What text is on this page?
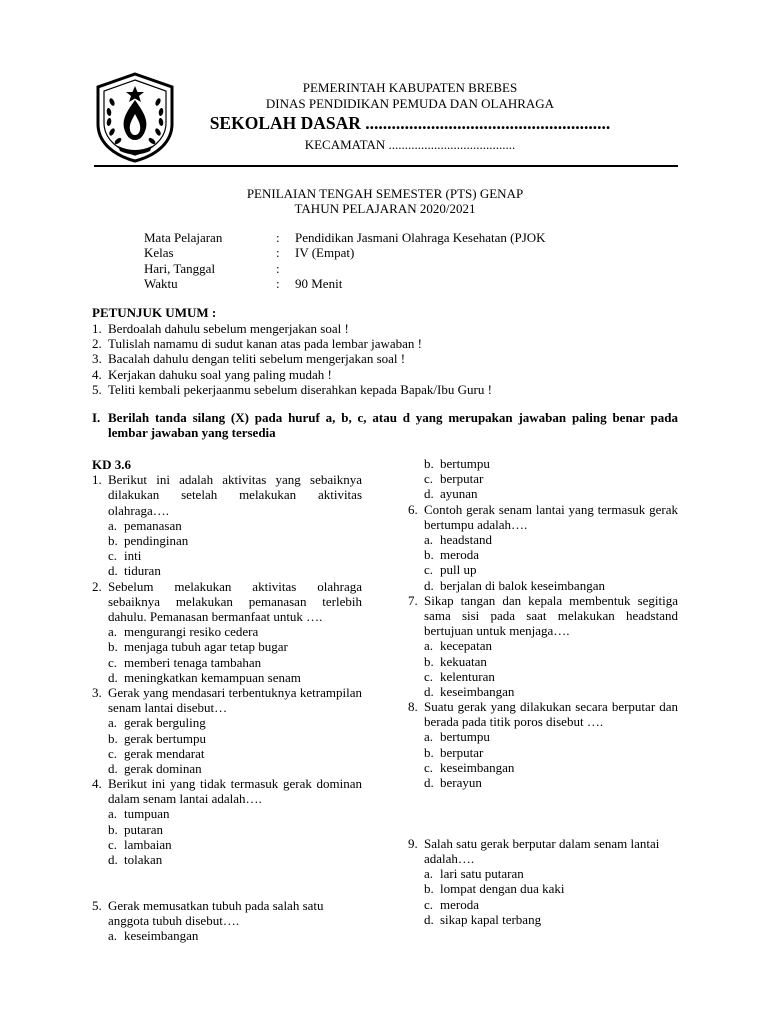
PEMERINTAH KABUPATEN BREBES
DINAS PENDIDIKAN PEMUDA DAN OLAHRAGA
SEKOLAH DASAR ........................................................
KECAMATAN .......................................
PENILAIAN TENGAH SEMESTER (PTS) GENAP
TAHUN PELAJARAN 2020/2021
Mata Pelajaran	: Pendidikan Jasmani Olahraga Kesehatan (PJOK
Kelas	: IV (Empat)
Hari, Tanggal	:
Waktu	: 90 Menit
PETUNJUK UMUM :
1. Berdoalah dahulu sebelum mengerjakan soal !
2. Tulislah namamu di sudut kanan atas pada lembar jawaban !
3. Bacalah dahulu dengan teliti sebelum mengerjakan soal !
4. Kerjakan dahuku soal yang paling mudah !
5. Teliti kembali pekerjaanmu sebelum diserahkan kepada Bapak/Ibu Guru !
I. Berilah tanda silang (X) pada huruf a, b, c, atau d yang merupakan jawaban paling benar pada lembar jawaban yang tersedia
KD 3.6
1. Berikut ini adalah aktivitas yang sebaiknya dilakukan setelah melakukan aktivitas olahraga….
a. pemanasan
b. pendinginan
c. inti
d. tiduran
2. Sebelum melakukan aktivitas olahraga sebaiknya melakukan pemanasan terlebih dahulu. Pemanasan bermanfaat untuk ….
a. mengurangi resiko cedera
b. menjaga tubuh agar tetap bugar
c. memberi tenaga tambahan
d. meningkatkan kemampuan senam
3. Gerak yang mendasari terbentuknya ketrampilan senam lantai disebut…
a. gerak berguling
b. gerak bertumpu
c. gerak mendarat
d. gerak dominan
4. Berikut ini yang tidak termasuk gerak dominan dalam senam lantai adalah….
a. tumpuan
b. putaran
c. lambaian
d. tolakan
5. Gerak memusatkan tubuh pada salah satu anggota tubuh disebut….
a. keseimbangan
b. bertumpu
c. berputar
d. ayunan
6. Contoh gerak senam lantai yang termasuk gerak bertumpu adalah….
a. headstand
b. meroda
c. pull up
d. berjalan di balok keseimbangan
7. Sikap tangan dan kepala membentuk segitiga sama sisi pada saat melakukan headstand bertujuan untuk menjaga….
a. kecepatan
b. kekuatan
c. kelenturan
d. keseimbangan
8. Suatu gerak yang dilakukan secara berputar dan berada pada titik poros disebut ….
a. bertumpu
b. berputar
c. keseimbangan
d. berayun
9. Salah satu gerak berputar dalam senam lantai adalah….
a. lari satu putaran
b. lompat dengan dua kaki
c. meroda
d. sikap kapal terbang
